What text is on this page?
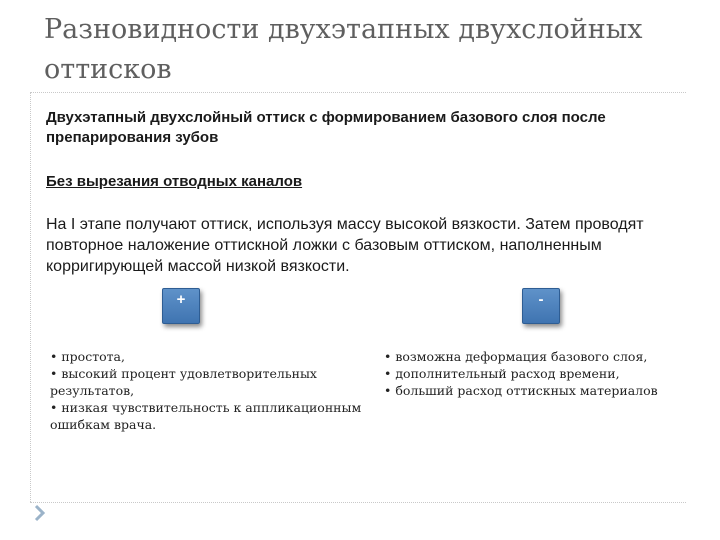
Разновидности двухэтапных двухслойных оттисков
Двухэтапный двухслойный оттиск с формированием базового слоя после препарирования зубов
Без вырезания отводных каналов
На I этапе получают оттиск, используя массу высокой вязкости. Затем проводят повторное наложение оттискной ложки с базовым оттиском, наполненным корригирующей массой низкой вязкости.
+	-
• простота,
• высокий процент удовлетворительных результатов,
• низкая чувствительность к аппликационным ошибкам врача.
• возможна деформация базового слоя,
• дополнительный расход времени,
• больший расход оттискных материалов
